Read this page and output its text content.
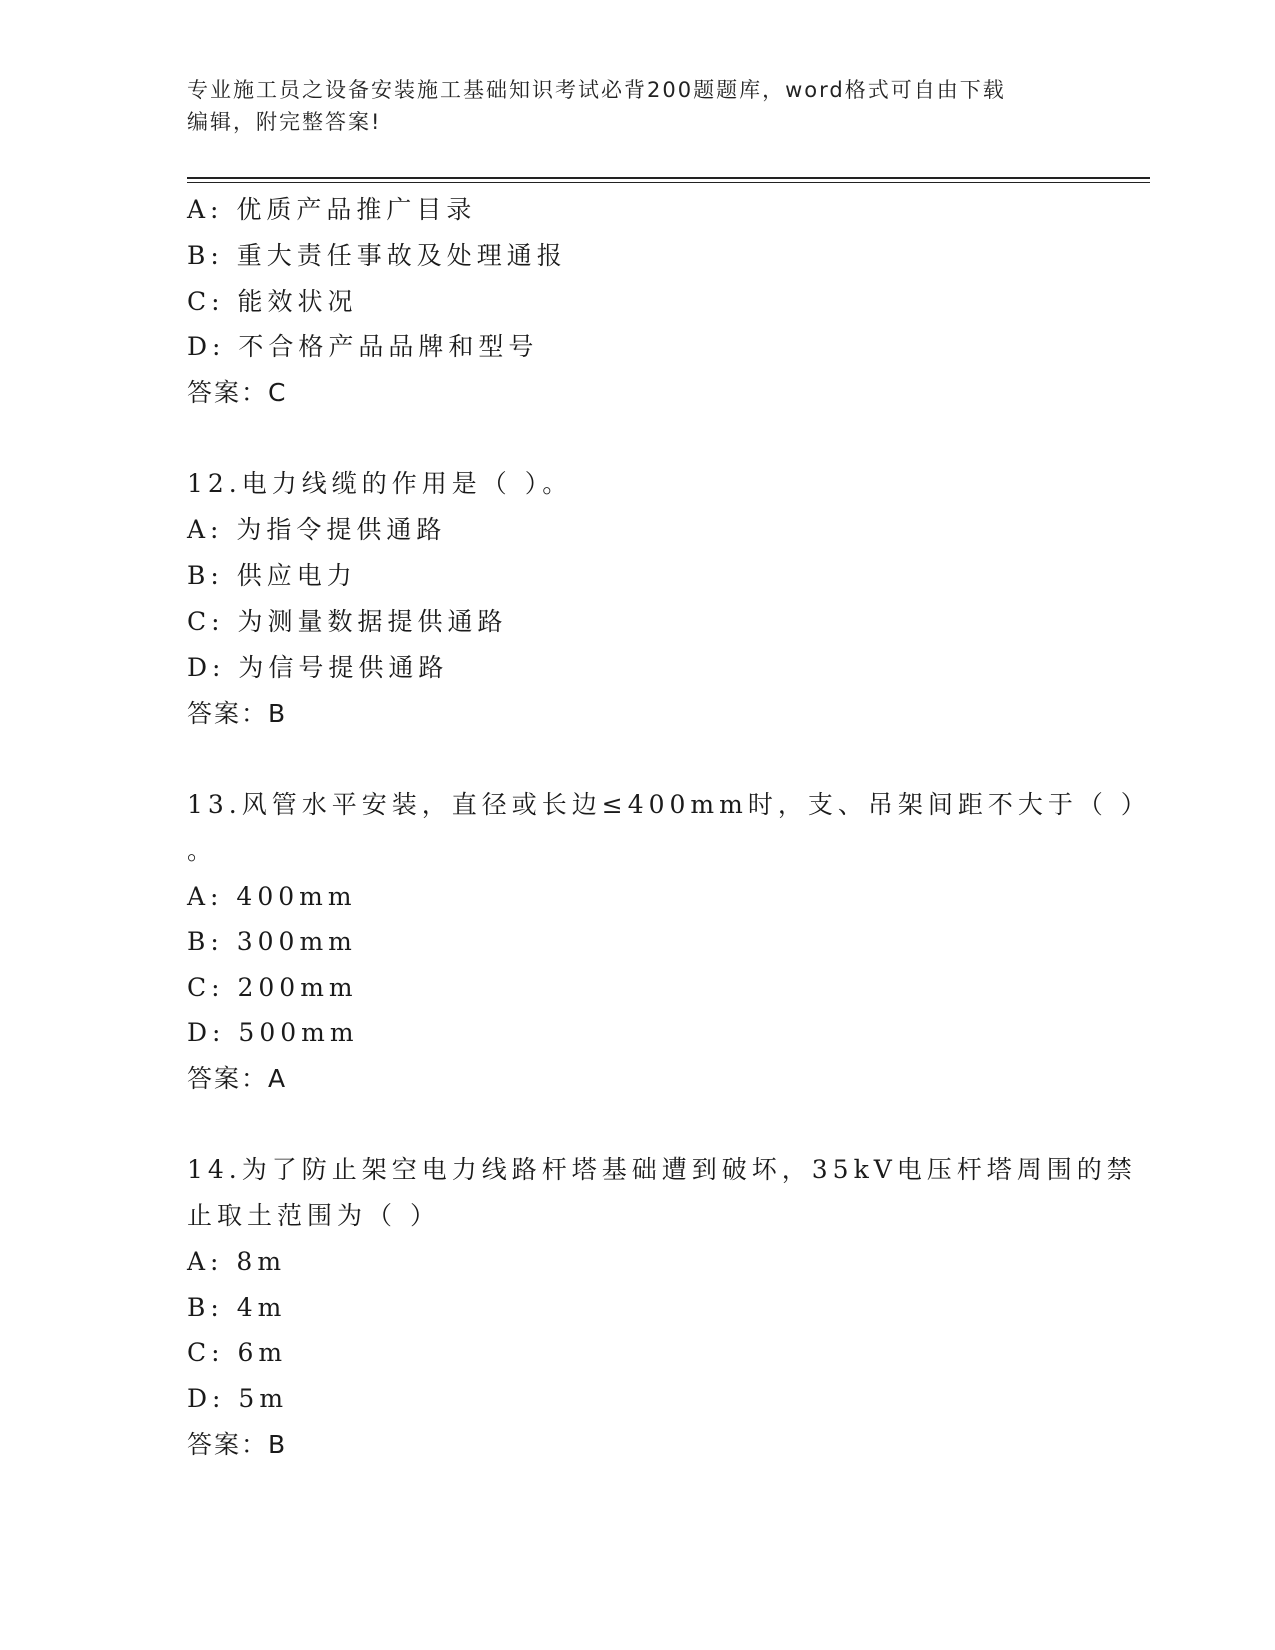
专业施工员之设备安装施工基础知识考试必背200题题库，word格式可自由下载
编辑，附完整答案!
A: 优质产品推广目录
B: 重大责任事故及处理通报
C: 能效状况
D: 不合格产品品牌和型号
答案：C
12.电力线缆的作用是（ ）。
A: 为指令提供通路
B: 供应电力
C: 为测量数据提供通路
D: 为信号提供通路
答案：B
13.风管水平安装，直径或长边≤400mm时，支、吊架间距不大于（ ）
。
A: 400mm
B: 300mm
C: 200mm
D: 500mm
答案：A
14.为了防止架空电力线路杆塔基础遭到破坏，35kV电压杆塔周围的禁
止取土范围为（ ）
A: 8m
B: 4m
C: 6m
D: 5m
答案：B
